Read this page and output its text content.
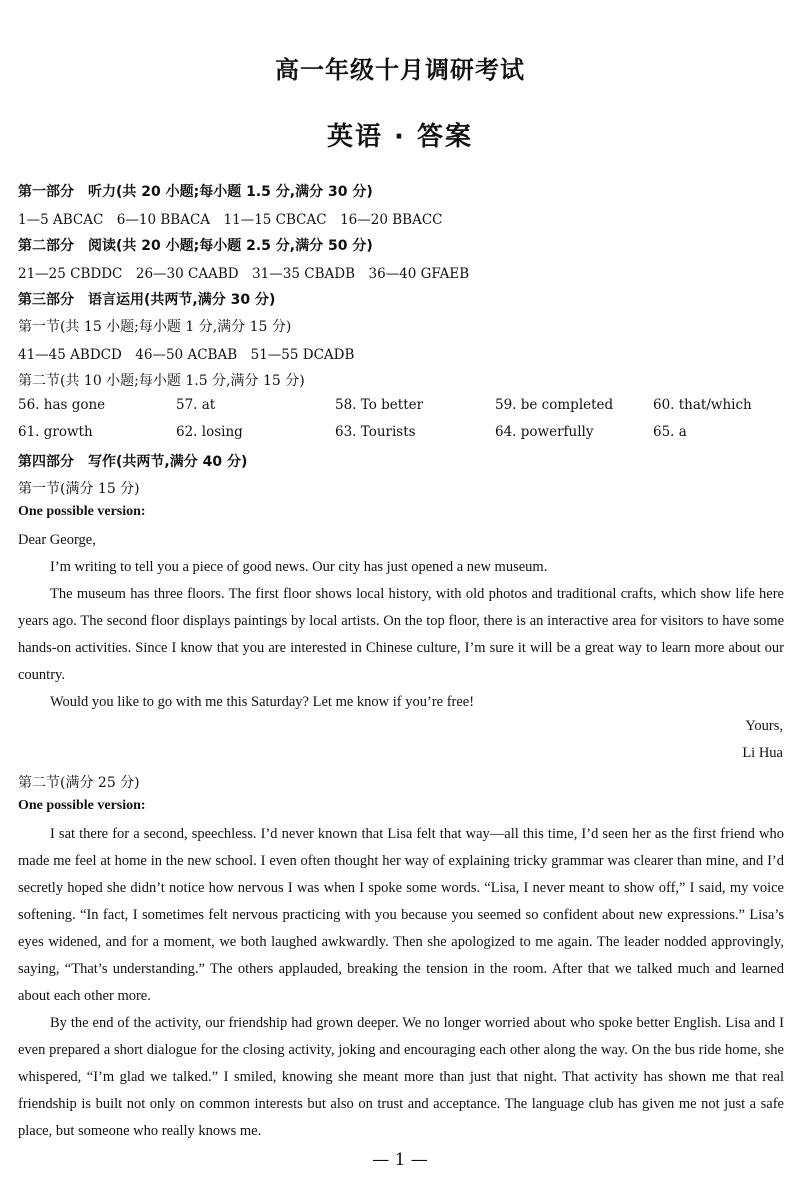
高一年级十月调研考试
英语 · 答案
第一部分　听力(共 20 小题;每小题 1.5 分,满分 30 分)
1—5 ABCAC　6—10 BBACA　11—15 CBCAC　16—20 BBACC
第二部分　阅读(共 20 小题;每小题 2.5 分,满分 50 分)
21—25 CBDDC　26—30 CAABD　31—35 CBADB　36—40 GFAEB
第三部分　语言运用(共两节,满分 30 分)
第一节(共 15 小题;每小题 1 分,满分 15 分)
41—45 ABDCD　46—50 ACBAB　51—55 DCADB
第二节(共 10 小题;每小题 1.5 分,满分 15 分)
56. has gone	57. at	58. To better	59. be completed	60. that/which
61. growth	62. losing	63. Tourists	64. powerfully	65. a
第四部分　写作(共两节,满分 40 分)
第一节(满分 15 分)
One possible version:
Dear George,
I’m writing to tell you a piece of good news. Our city has just opened a new museum.
The museum has three floors. The first floor shows local history, with old photos and traditional crafts, which show life here years ago. The second floor displays paintings by local artists. On the top floor, there is an interactive area for visitors to have some hands-on activities. Since I know that you are interested in Chinese culture, I’m sure it will be a great way to learn more about our country.
Would you like to go with me this Saturday? Let me know if you’re free!
Yours,
Li Hua
第二节(满分 25 分)
One possible version:
I sat there for a second, speechless. I’d never known that Lisa felt that way—all this time, I’d seen her as the first friend who made me feel at home in the new school. I even often thought her way of explaining tricky grammar was clearer than mine, and I’d secretly hoped she didn’t notice how nervous I was when I spoke some words. “Lisa, I never meant to show off,” I said, my voice softening. “In fact, I sometimes felt nervous practicing with you because you seemed so confident about new expressions.” Lisa’s eyes widened, and for a moment, we both laughed awkwardly. Then she apologized to me again. The leader nodded approvingly, saying, “That’s understanding.” The others applauded, breaking the tension in the room. After that we talked much and learned about each other more.
By the end of the activity, our friendship had grown deeper. We no longer worried about who spoke better English. Lisa and I even prepared a short dialogue for the closing activity, joking and encouraging each other along the way. On the bus ride home, she whispered, “I’m glad we talked.” I smiled, knowing she meant more than just that night. That activity has shown me that real friendship is built not only on common interests but also on trust and acceptance. The language club has given me not just a safe place, but someone who really knows me.
— 1 —
